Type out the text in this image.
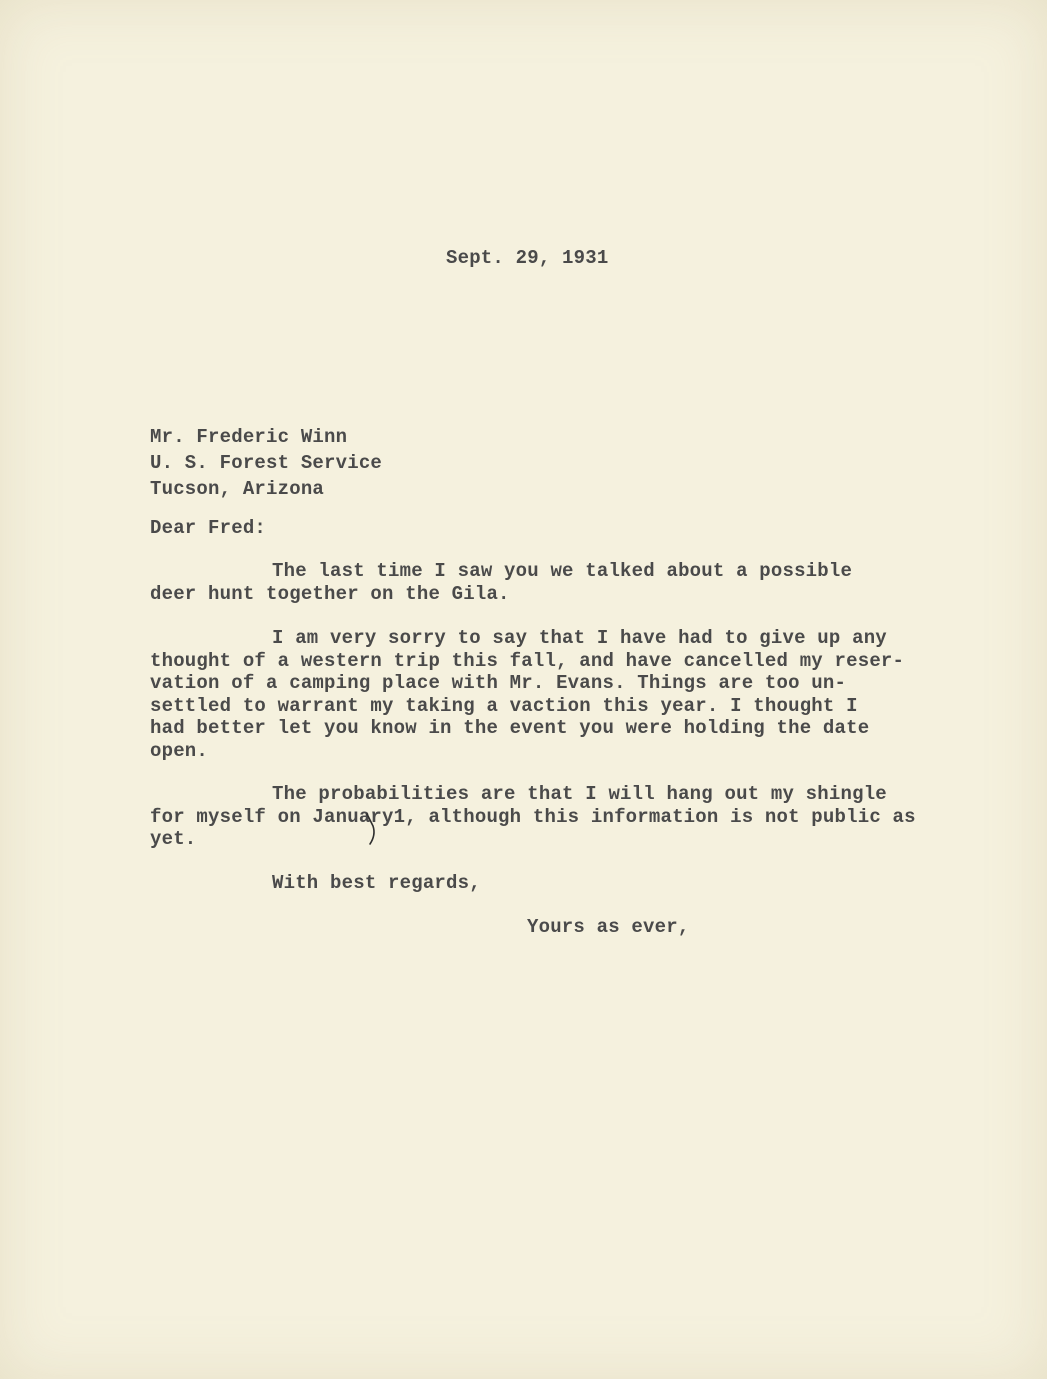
Sept. 29, 1931
Mr. Frederic Winn
U. S. Forest Service
Tucson, Arizona
Dear Fred:
The last time I saw you we talked about a possible
deer hunt together on the Gila.
I am very sorry to say that I have had to give up any
thought of a western trip this fall, and have cancelled my reser-
vation of a camping place with Mr. Evans. Things are too un-
settled to warrant my taking a vaction this year. I thought I
had better let you know in the event you were holding the date
open.
The probabilities are that I will hang out my shingle
for myself on January1, although this information is not public as
yet.
With best regards,
Yours as ever,
